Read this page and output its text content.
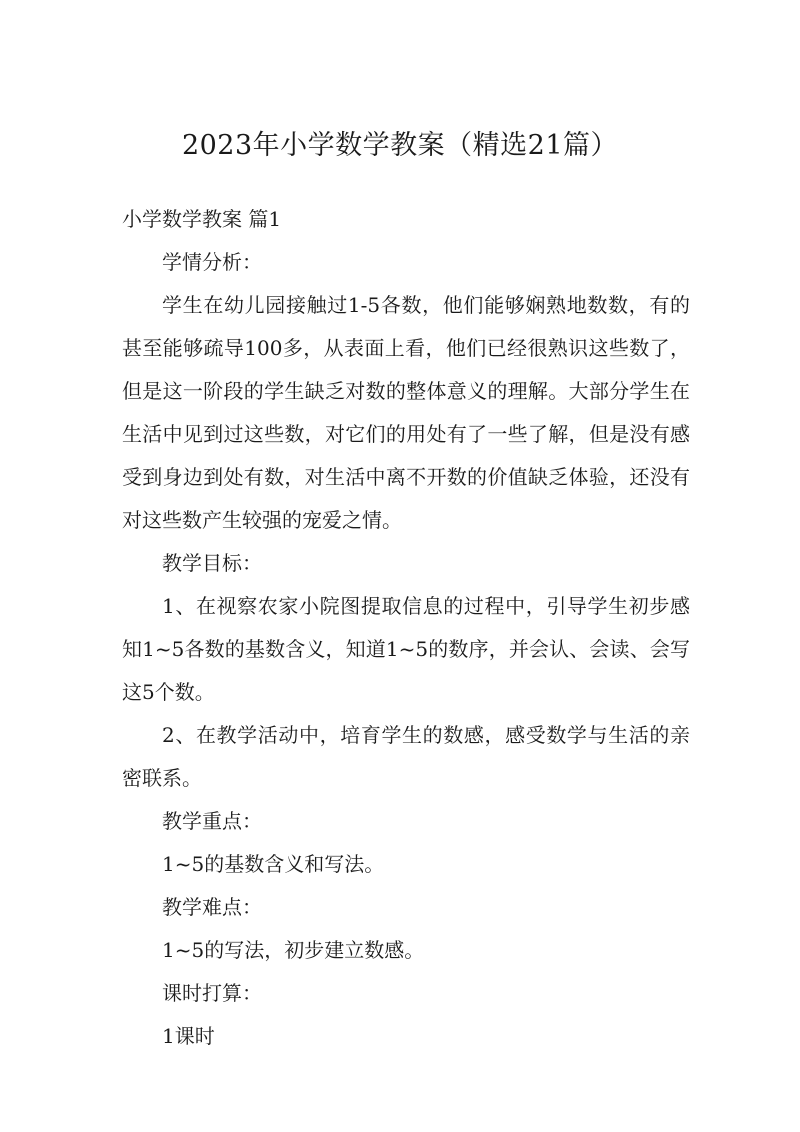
2023年小学数学教案（精选21篇）

小学数学教案 篇1

学情分析：

学生在幼儿园接触过1-5各数，他们能够娴熟地数数，有的甚至能够疏导100多，从表面上看，他们已经很熟识这些数了，但是这一阶段的学生缺乏对数的整体意义的理解。大部分学生在生活中见到过这些数，对它们的用处有了一些了解，但是没有感受到身边到处有数，对生活中离不开数的价值缺乏体验，还没有对这些数产生较强的宠爱之情。

教学目标：

1、在视察农家小院图提取信息的过程中，引导学生初步感知1~5各数的基数含义，知道1~5的数序，并会认、会读、会写这5个数。

2、在教学活动中，培育学生的数感，感受数学与生活的亲密联系。

教学重点：

1~5的基数含义和写法。

教学难点：

1~5的写法，初步建立数感。

课时打算：

1课时
